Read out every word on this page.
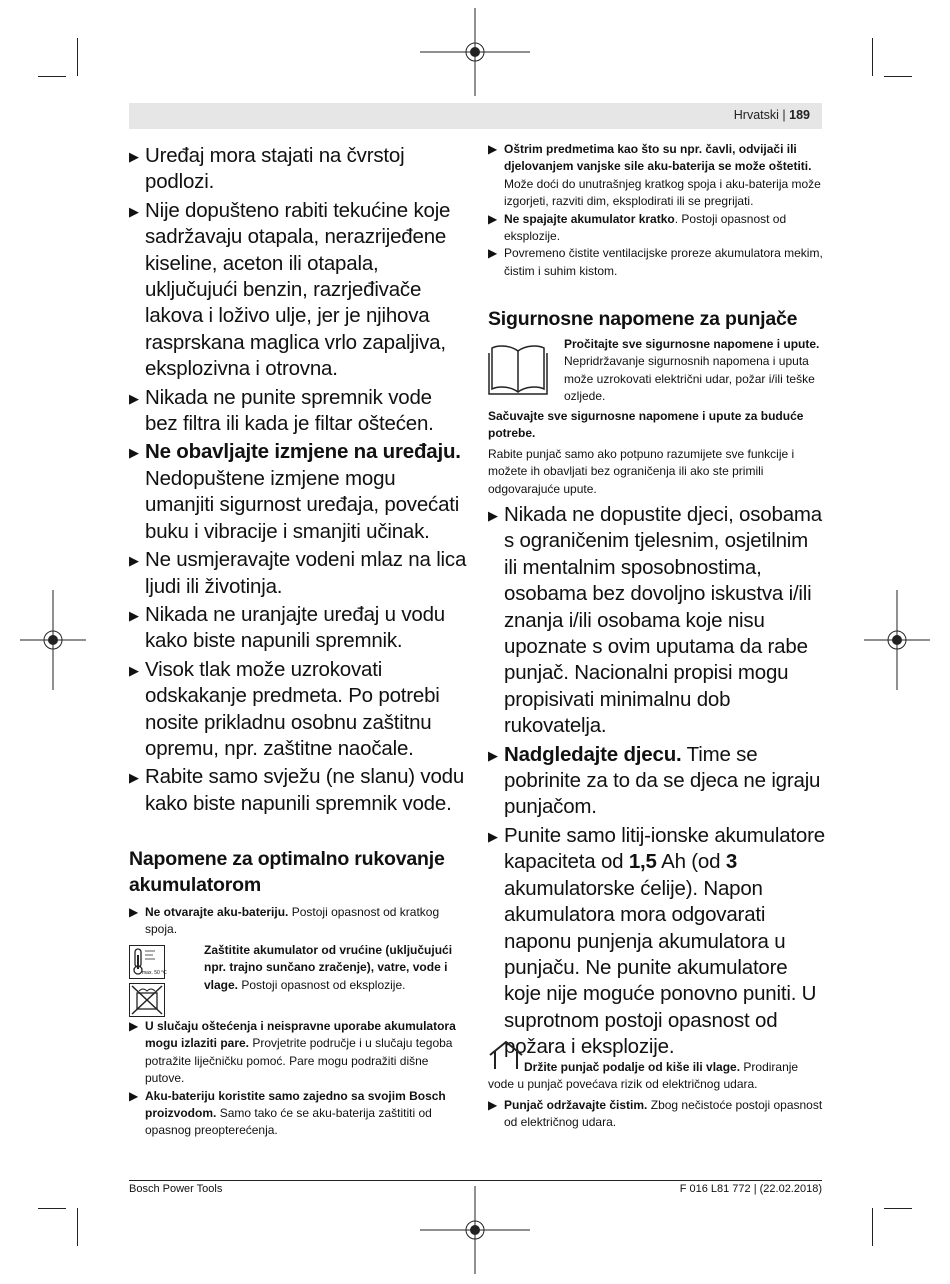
Hrvatski | 189
▶ Uređaj mora stajati na čvrstoj podlozi.
▶ Nije dopušteno rabiti tekućine koje sadržavaju otapala, nerazrijeđene kiseline, aceton ili otapala, uključujući benzin, razrjeđivače lakova i loživo ulje, jer je njihova rasprskana maglica vrlo zapaljiva, eksplozivna i otrovna.
▶ Nikada ne punite spremnik vode bez filtra ili kada je filtar oštećen.
▶ Ne obavljajte izmjene na uređaju. Nedopuštene izmjene mogu umanjiti sigurnost uređaja, povećati buku i vibracije i smanjiti učinak.
▶ Ne usmjeravajte vodeni mlaz na lica ljudi ili životinja.
▶ Nikada ne uranjajte uređaj u vodu kako biste napunili spremnik.
▶ Visok tlak može uzrokovati odskakanje predmeta. Po potrebi nosite prikladnu osobnu zaštitnu opremu, npr. zaštitne naočale.
▶ Rabite samo svježu (ne slanu) vodu kako biste napunili spremnik vode.
Napomene za optimalno rukovanje akumulatorom
▶ Ne otvarajte aku-bateriju. Postoji opasnost od kratkog spoja.
max. 50 °C
Zaštitite akumulator od vrućine (uključujući npr. trajno sunčano zračenje), vatre, vode i vlage. Postoji opasnost od eksplozije.
▶ U slučaju oštećenja i neispravne uporabe akumulatora mogu izlaziti pare. Provjetrite područje i u slučaju tegoba potražite liječničku pomoć. Pare mogu podražiti dišne putove.
▶ Aku-bateriju koristite samo zajedno sa svojim Bosch proizvodom. Samo tako će se aku-baterija zaštititi od opasnog preopterećenja.
▶ Oštrim predmetima kao što su npr. čavli, odvijači ili djelovanjem vanjske sile aku-baterija se može oštetiti. Može doći do unutrašnjeg kratkog spoja i aku-baterija može izgorjeti, razviti dim, eksplodirati ili se pregrijati.
▶ Ne spajajte akumulator kratko. Postoji opasnost od eksplozije.
▶ Povremeno čistite ventilacijske proreze akumulatora mekim, čistim i suhim kistom.
Sigurnosne napomene za punjače
Pročitajte sve sigurnosne napomene i upute. Nepridržavanje sigurnosnih napomena i uputa može uzrokovati električni udar, požar i/ili teške ozljede.
Sačuvajte sve sigurnosne napomene i upute za buduće potrebe.
Rabite punjač samo ako potpuno razumijete sve funkcije i možete ih obavljati bez ograničenja ili ako ste primili odgovarajuće upute.
▶ Nikada ne dopustite djeci, osobama s ograničenim tjelesnim, osjetilnim ili mentalnim sposobnostima, osobama bez dovoljno iskustva i/ili znanja i/ili osobama koje nisu upoznate s ovim uputama da rabe punjač. Nacionalni propisi mogu propisivati minimalnu dob rukovatelja.
▶ Nadgledajte djecu. Time se pobrinite za to da se djeca ne igraju punjačom.
▶ Punite samo litij-ionske akumulatore kapaciteta od 1,5 Ah (od 3 akumulatorske ćelije). Napon akumulatora mora odgovarati naponu punjenja akumulatora u punjaču. Ne punite akumulatore koje nije moguće ponovno puniti. U suprotnom postoji opasnost od požara i eksplozije.
Držite punjač podalje od kiše ili vlage. Prodiranje vode u punjač povećava rizik od električnog udara.
▶ Punjač održavajte čistim. Zbog nečistoće postoji opasnost od električnog udara.
Bosch Power Tools	F 016 L81 772 | (22.02.2018)
